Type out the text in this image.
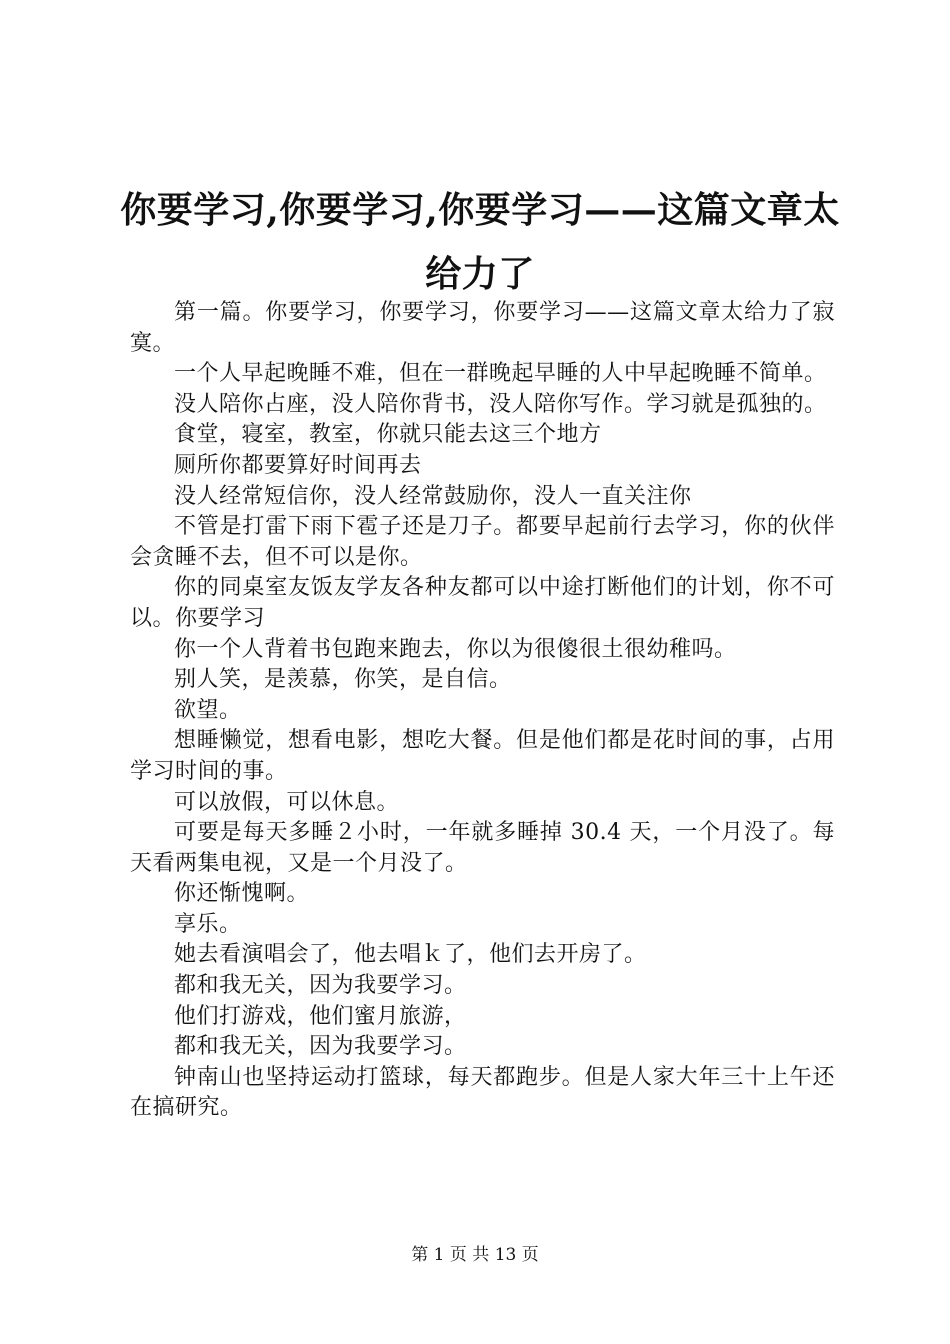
你要学习,你要学习,你要学习——这篇文章太给力了

第一篇。你要学习，你要学习，你要学习——这篇文章太给力了寂寞。

一个人早起晚睡不难，但在一群晚起早睡的人中早起晚睡不简单。

没人陪你占座，没人陪你背书，没人陪你写作。学习就是孤独的。

食堂，寝室，教室，你就只能去这三个地方

厕所你都要算好时间再去

没人经常短信你，没人经常鼓励你，没人一直关注你

不管是打雷下雨下雹子还是刀子。都要早起前行去学习，你的伙伴会贪睡不去，但不可以是你。

你的同桌室友饭友学友各种友都可以中途打断他们的计划，你不可以。你要学习

你一个人背着书包跑来跑去，你以为很傻很土很幼稚吗。

别人笑，是羡慕，你笑，是自信。

欲望。

想睡懒觉，想看电影，想吃大餐。但是他们都是花时间的事，占用学习时间的事。

可以放假，可以休息。

可要是每天多睡２小时，一年就多睡掉 30.4 天，一个月没了。每天看两集电视，又是一个月没了。

你还惭愧啊。

享乐。

她去看演唱会了，他去唱ｋ了，他们去开房了。

都和我无关，因为我要学习。

他们打游戏，他们蜜月旅游，

都和我无关，因为我要学习。

钟南山也坚持运动打篮球，每天都跑步。但是人家大年三十上午还在搞研究。

第 1 页 共 13 页
